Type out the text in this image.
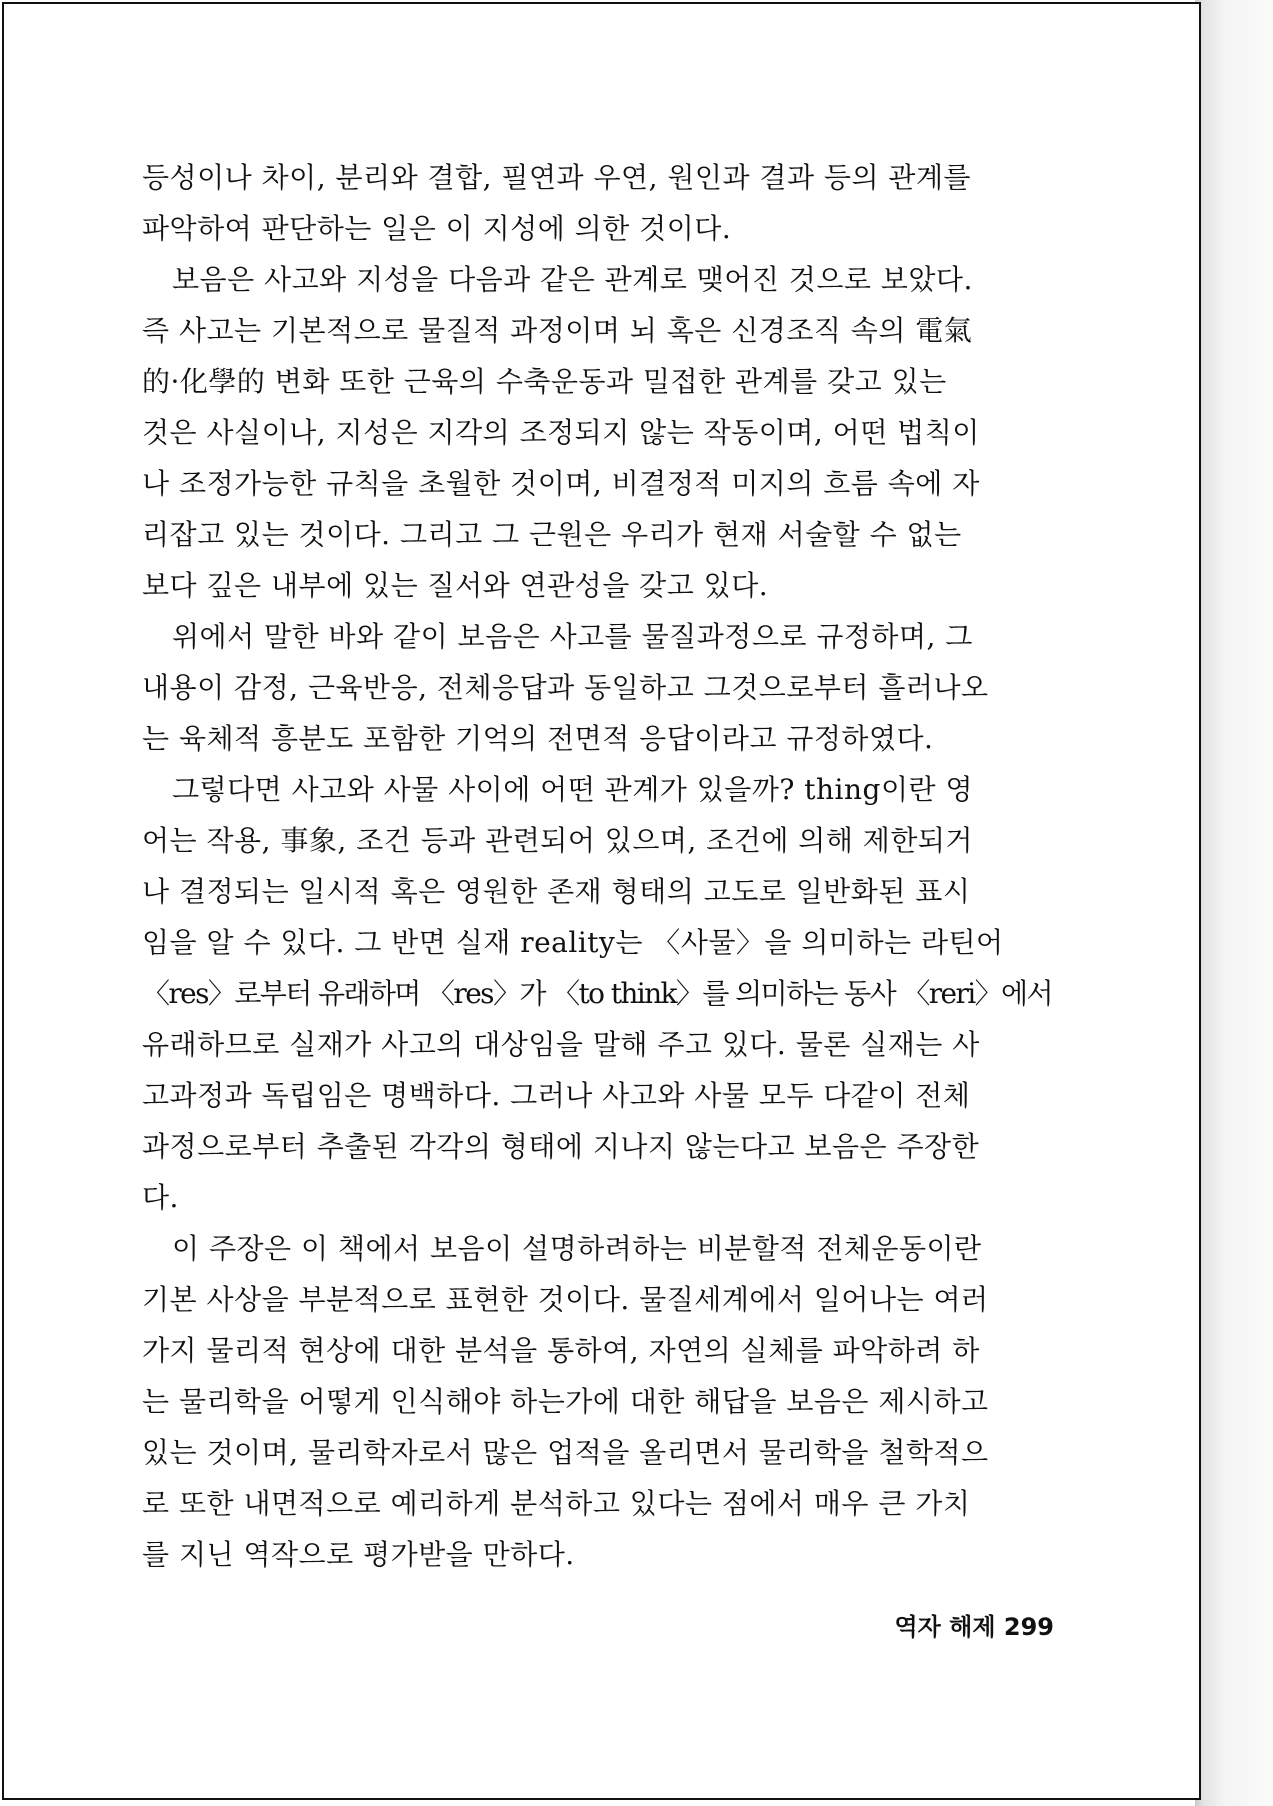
등성이나 차이, 분리와 결합, 필연과 우연, 원인과 결과 등의 관계를
파악하여 판단하는 일은 이 지성에 의한 것이다.
보음은 사고와 지성을 다음과 같은 관계로 맺어진 것으로 보았다.
즉 사고는 기본적으로 물질적 과정이며 뇌 혹은 신경조직 속의 電氣
的·化學的 변화 또한 근육의 수축운동과 밀접한 관계를 갖고 있는
것은 사실이나, 지성은 지각의 조정되지 않는 작동이며, 어떤 법칙이
나 조정가능한 규칙을 초월한 것이며, 비결정적 미지의 흐름 속에 자
리잡고 있는 것이다. 그리고 그 근원은 우리가 현재 서술할 수 없는
보다 깊은 내부에 있는 질서와 연관성을 갖고 있다.
위에서 말한 바와 같이 보음은 사고를 물질과정으로 규정하며, 그
내용이 감정, 근육반응, 전체응답과 동일하고 그것으로부터 흘러나오
는 육체적 흥분도 포함한 기억의 전면적 응답이라고 규정하였다.
그렇다면 사고와 사물 사이에 어떤 관계가 있을까? thing이란 영
어는 작용, 事象, 조건 등과 관련되어 있으며, 조건에 의해 제한되거
나 결정되는 일시적 혹은 영원한 존재 형태의 고도로 일반화된 표시
임을 알 수 있다. 그 반면 실재 reality는 〈사물〉을 의미하는 라틴어
〈res〉로부터 유래하며 〈res〉가 〈to think〉를 의미하는 동사 〈reri〉에서
유래하므로 실재가 사고의 대상임을 말해 주고 있다. 물론 실재는 사
고과정과 독립임은 명백하다. 그러나 사고와 사물 모두 다같이 전체
과정으로부터 추출된 각각의 형태에 지나지 않는다고 보음은 주장한
다.
이 주장은 이 책에서 보음이 설명하려하는 비분할적 전체운동이란
기본 사상을 부분적으로 표현한 것이다. 물질세계에서 일어나는 여러
가지 물리적 현상에 대한 분석을 통하여, 자연의 실체를 파악하려 하
는 물리학을 어떻게 인식해야 하는가에 대한 해답을 보음은 제시하고
있는 것이며, 물리학자로서 많은 업적을 올리면서 물리학을 철학적으
로 또한 내면적으로 예리하게 분석하고 있다는 점에서 매우 큰 가치
를 지닌 역작으로 평가받을 만하다.
역자 해제 299
